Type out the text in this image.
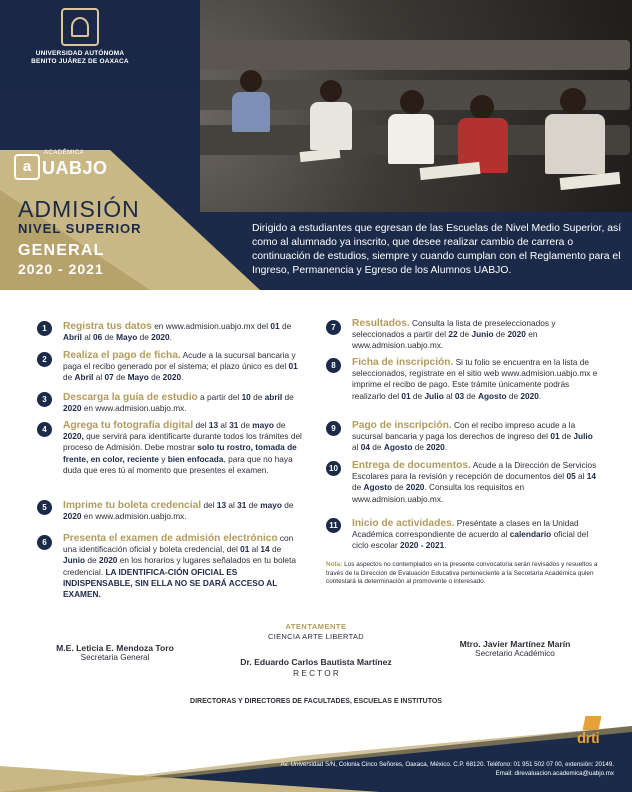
UNIVERSIDAD AUTÓNOMA
BENITO JUÁREZ DE OAXACA
a
ACADÉMICA
UABJO
ADMISIÓN
NIVEL SUPERIOR
GENERAL
2020 - 2021
Dirigido a estudiantes que egresan de las Escuelas de Nivel Medio Superior, así como al alumnado ya inscrito, que desee realizar cambio de carrera o continuación de estudios, siempre y cuando cumplan con el Reglamento para el Ingreso, Permanencia y Egreso de los Alumnos UABJO.
1	Registra tus datos en www.admision.uabjo.mx del 01 de Abril al 06 de Mayo de 2020.
2	Realiza el pago de ficha. Acude a la sucursal bancaria y paga el recibo generado por el sistema; el plazo único es del 01 de Abril al 07 de Mayo de 2020.
3	Descarga la guía de estudio a partir del 10 de abril de 2020 en www.admision.uabjo.mx.
4	Agrega tu fotografía digital del 13 al 31 de mayo de 2020, que servirá para identificarte durante todos los trámites del proceso de Admisión. Debe mostrar solo tu rostro, tomada de frente, en color, reciente y bien enfocada, para que no haya duda que eres tú al momento que presentes el examen.
5	Imprime tu boleta credencial del 13 al 31 de mayo de 2020 en www.admision.uabjo.mx.
6	Presenta el examen de admisión electrónico con una identificación oficial y boleta credencial, del 01 al 14 de Junio de 2020 en los horarios y lugares señalados en tu boleta credencial. LA IDENTIFICA-CIÓN OFICIAL ES INDISPENSABLE, SIN ELLA NO SE DARÁ ACCESO AL EXAMEN.
7	Resultados. Consulta la lista de preseleccionados y seleccionados a partir del 22 de Junio de 2020 en www.admision.uabjo.mx.
8	Ficha de inscripción. Si tu folio se encuentra en la lista de seleccionados, regístrate en el sitio web www.admision.uabjo.mx e imprime el recibo de pago. Este trámite únicamente podrás realizarlo del 01 de Julio al 03 de Agosto de 2020.
9	Pago de inscripción. Con el recibo impreso acude a la sucursal bancaria y paga los derechos de ingreso del 01 de Julio al 04 de Agosto de 2020.
10 Entrega de documentos. Acude a la Dirección de Servicios Escolares para la revisión y recepción de documentos del 05 al 14 de Agosto de 2020. Consulta los requisitos en www.admision.uabjo.mx.
11	Inicio de actividades. Preséntate a clases en la Unidad Académica correspondiente de acuerdo al calendario oficial del ciclo escolar 2020 - 2021.
Nota: Los aspectos no contemplados en la presente convocatoria serán revisados y resueltos a través de la Dirección de Evaluación Educativa perteneciente a la Secretaría Académica quien contestará la determinación al promovente o interesado.
ATENTAMENTE
CIENCIA ARTE LIBERTAD
M.E. Leticia E. Mendoza Toro
Secretaria General	Dr. Eduardo Carlos Bautista Martínez
R E C T O R
Mtro. Javier Martínez Marín
Secretario Académico
DIRECTORAS Y DIRECTORES DE FACULTADES, ESCUELAS E INSTITUTOS
drti
Av. Universidad S/N, Colonia Cinco Señores, Oaxaca, México. C.P. 68120. Teléfono: 01 951 502 07 00, extensión: 20149.
Email: direvaluacion.academica@uabjo.mx
